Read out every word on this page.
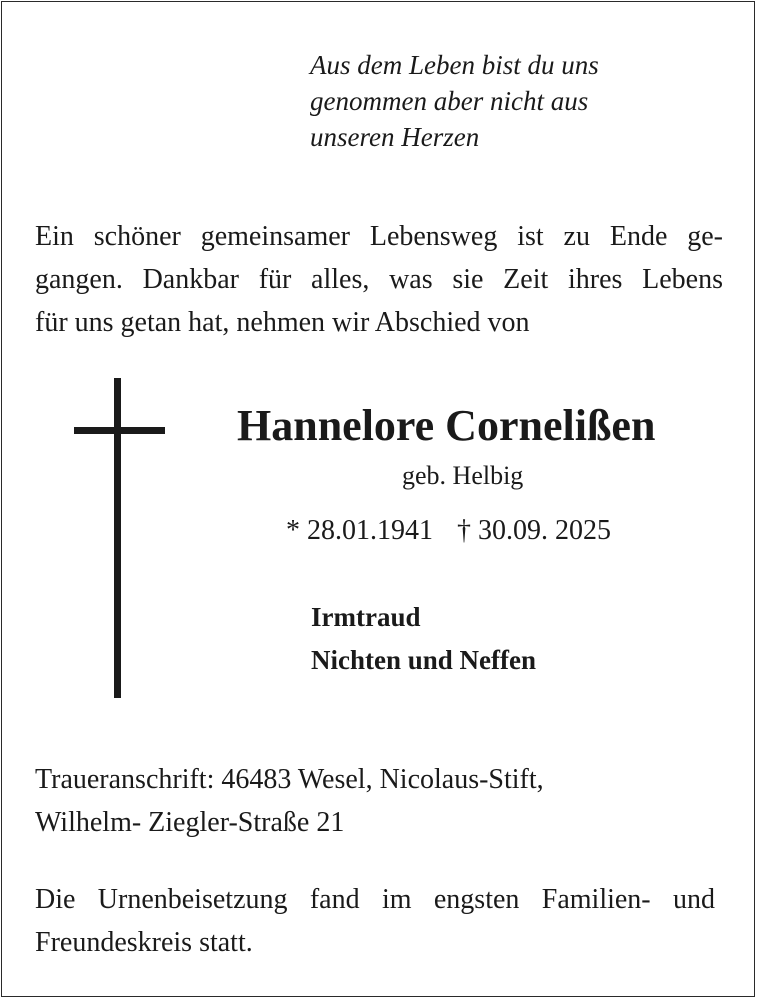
Aus dem Leben bist du uns
genommen aber nicht aus
unseren Herzen
Ein schöner gemeinsamer Lebensweg ist zu Ende ge-
gangen. Dankbar für alles, was sie Zeit ihres Lebens
für uns getan hat, nehmen wir Abschied von
Hannelore Cornelißen
geb. Helbig
* 28.01.1941 † 30.09. 2025
Irmtraud
Nichten und Neffen
Traueranschrift: 46483 Wesel, Nicolaus-Stift,
Wilhelm- Ziegler-Straße 21
Die Urnenbeisetzung fand im engsten Familien- und
Freundeskreis statt.
